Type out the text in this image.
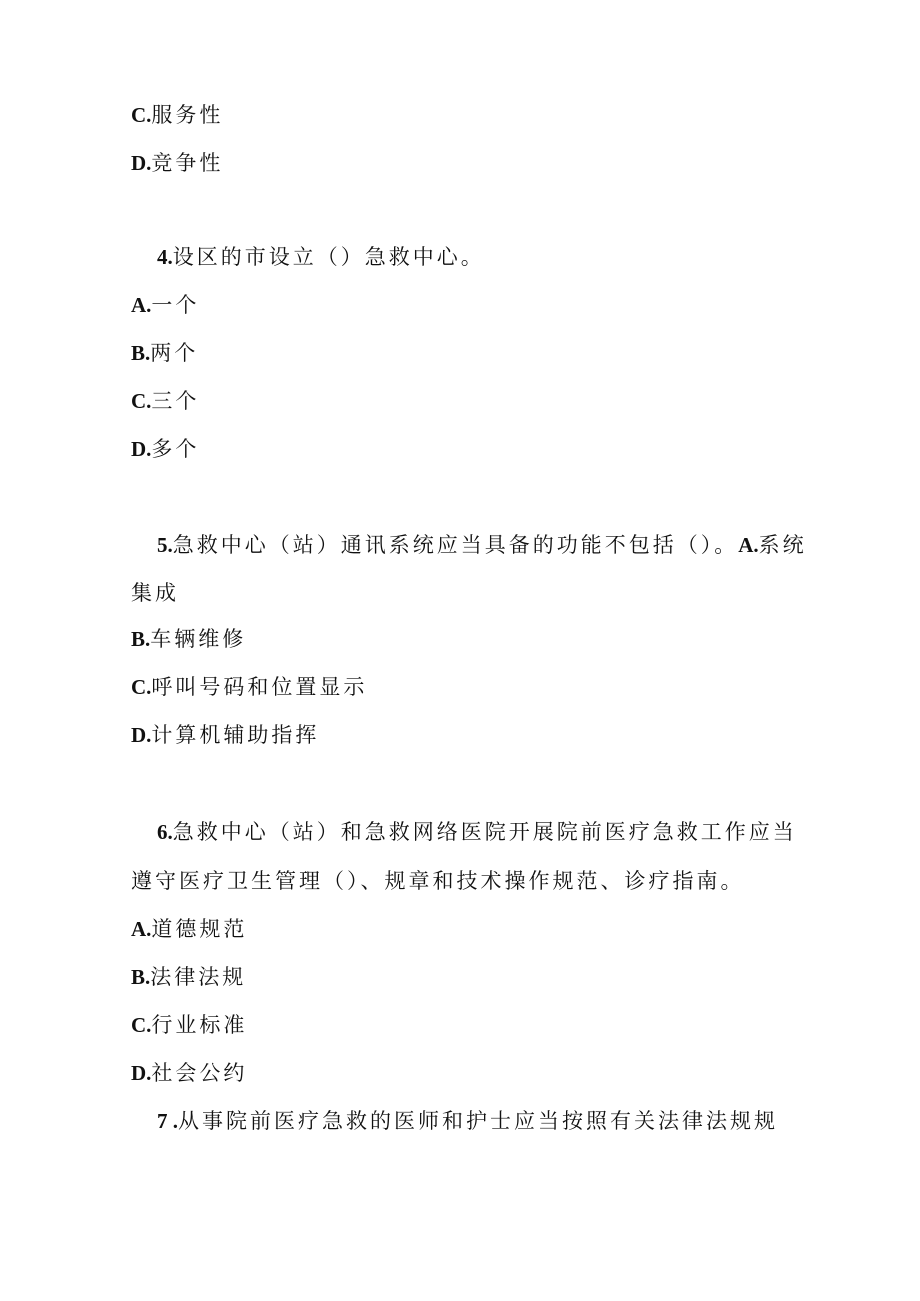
C.服务性
D.竞争性
4.设区的市设立（）急救中心。
A.一个
B.两个
C.三个
D.多个
5.急救中心（站）通讯系统应当具备的功能不包括（）。A.系统
集成
B.车辆维修
C.呼叫号码和位置显示
D.计算机辅助指挥
6.急救中心（站）和急救网络医院开展院前医疗急救工作应当
遵守医疗卫生管理（）、规章和技术操作规范、诊疗指南。
A.道德规范
B.法律法规
C.行业标准
D.社会公约
7 .从事院前医疗急救的医师和护士应当按照有关法律法规规
